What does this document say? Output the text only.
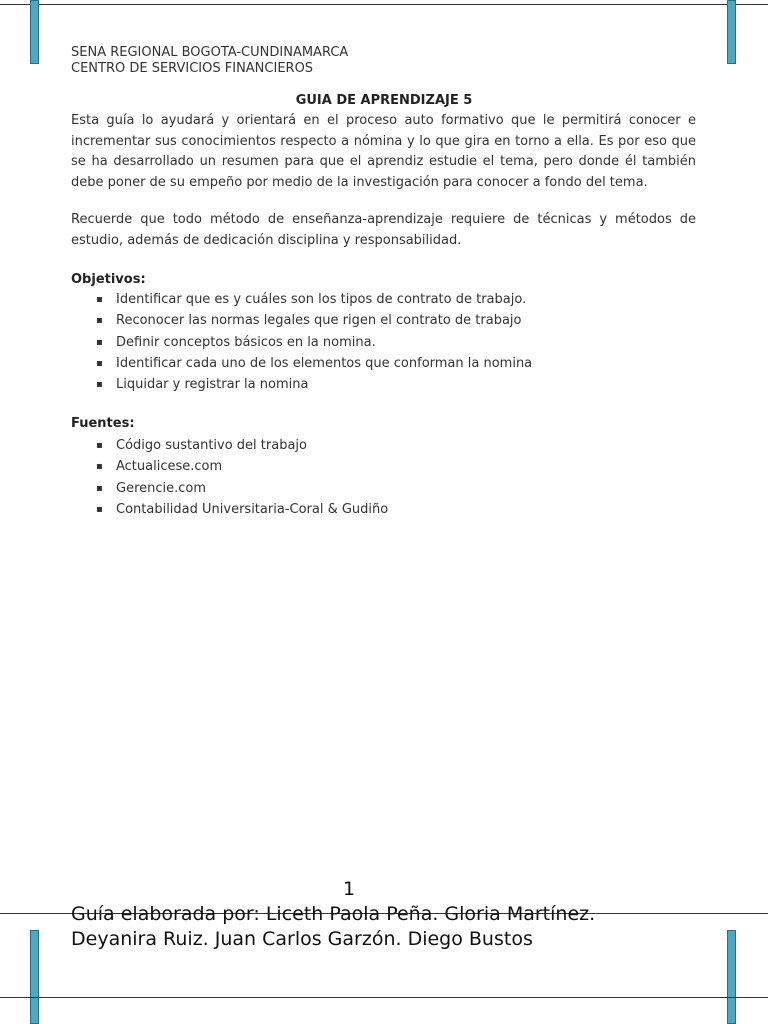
SENA REGIONAL BOGOTA-CUNDINAMARCA
CENTRO DE SERVICIOS FINANCIEROS
GUIA DE APRENDIZAJE 5
Esta guía lo ayudará y orientará en el proceso auto formativo que le permitirá conocer e incrementar sus conocimientos respecto a nómina y lo que gira en torno a ella. Es por eso que se ha desarrollado un resumen para que el aprendiz estudie el tema, pero donde él también debe poner de su empeño por medio de la investigación para conocer a fondo del tema.
Recuerde que todo método de enseñanza-aprendizaje requiere de técnicas y métodos de estudio, además de dedicación disciplina y responsabilidad.
Objetivos:
▪ Identificar que es y cuáles son los tipos de contrato de trabajo.
▪ Reconocer las normas legales que rigen el contrato de trabajo
▪ Definir conceptos básicos en la nomina.
▪ Identificar cada uno de los elementos que conforman la nomina
▪ Liquidar y registrar la nomina
Fuentes:
▪ Código sustantivo del trabajo
▪ Actualicese.com
▪ Gerencie.com
▪ Contabilidad Universitaria-Coral & Gudiño
1
Guía elaborada por: Liceth Paola Peña. Gloria Martínez.
Deyanira Ruiz. Juan Carlos Garzón. Diego Bustos
